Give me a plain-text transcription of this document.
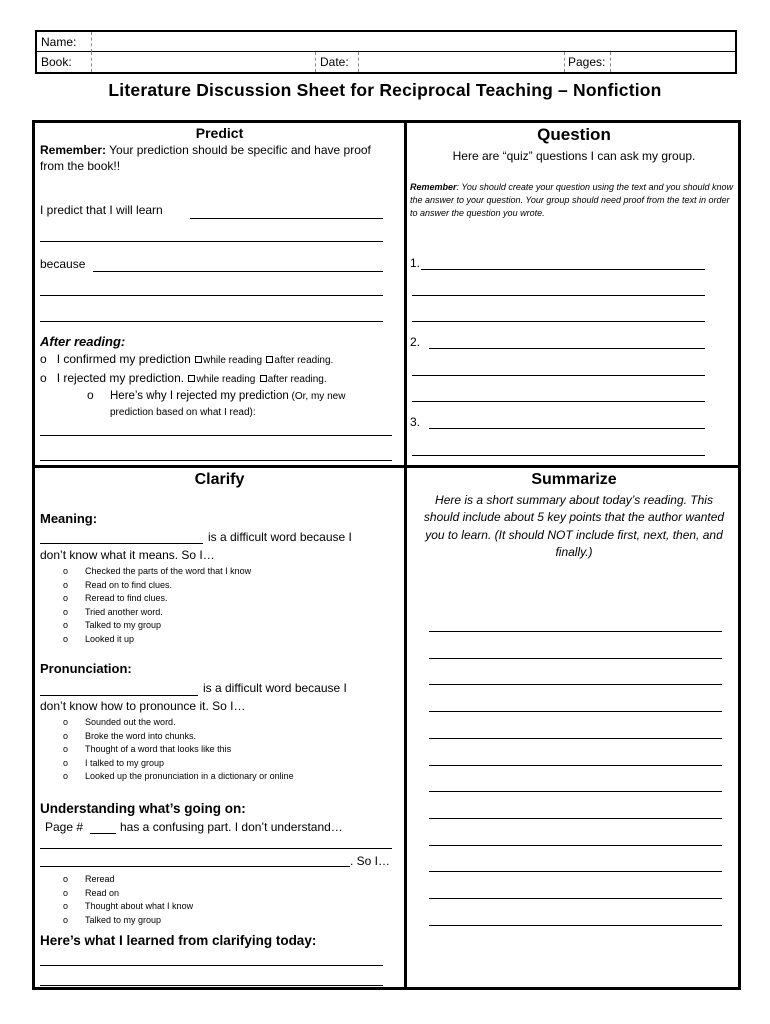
Name:
Book:	Date:	Pages:
Literature Discussion Sheet for Reciprocal Teaching – Nonfiction
Predict
Remember: Your prediction should be specific and have proof from the book!!
I predict that I will learn
because
After reading:
o I confirmed my prediction while reading after reading.
o I rejected my prediction. while reading after reading.
o Here’s why I rejected my prediction (Or, my new prediction based on what I read):
Question
Here are “quiz” questions I can ask my group.
Remember: You should create your question using the text and you should know the answer to your question. Your group should need proof from the text in order to answer the question you wrote.
1.
2.
3.
Clarify
Meaning:
is a difficult word because I
don’t know what it means. So I…
o Checked the parts of the word that I know
o Read on to find clues.
o Reread to find clues.
o Tried another word.
o Talked to my group
o Looked it up
Pronunciation:
is a difficult word because I
don’t know how to pronounce it. So I…
o Sounded out the word.
o Broke the word into chunks.
o Thought of a word that looks like this
o I talked to my group
o Looked up the pronunciation in a dictionary or online
Understanding what’s going on:
Page #	has a confusing part. I don’t understand…
. So I…
o Reread
o Read on
o Thought about what I know
o Talked to my group
Here’s what I learned from clarifying today:
Summarize
Here is a short summary about today’s reading. This should include about 5 key points that the author wanted you to learn. (It should NOT include first, next, then, and finally.)
